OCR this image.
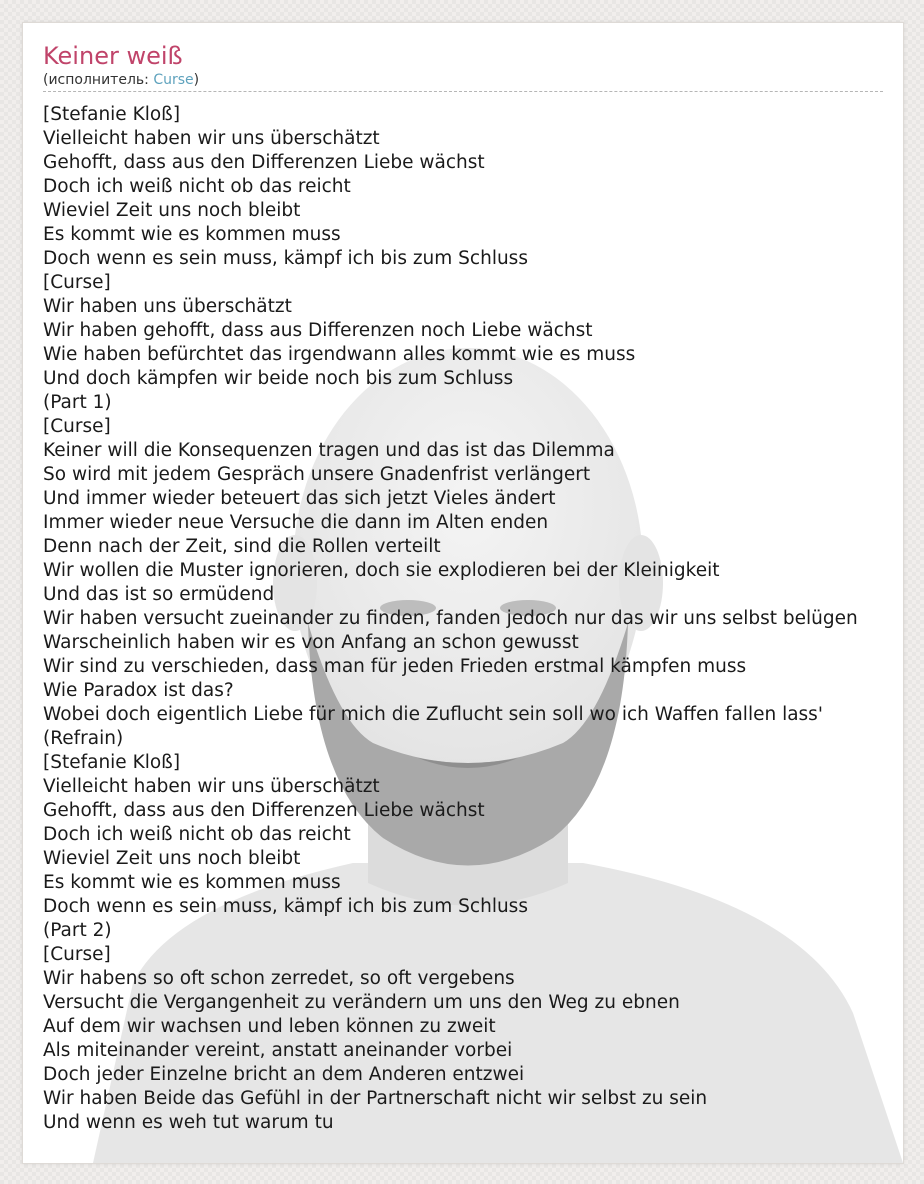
Keiner weiß

(исполнитель: Curse)

[Stefanie Kloß]
Vielleicht haben wir uns überschätzt
Gehofft, dass aus den Differenzen Liebe wächst
Doch ich weiß nicht ob das reicht
Wieviel Zeit uns noch bleibt
Es kommt wie es kommen muss
Doch wenn es sein muss, kämpf ich bis zum Schluss
[Curse]
Wir haben uns überschätzt
Wir haben gehofft, dass aus Differenzen noch Liebe wächst
Wie haben befürchtet das irgendwann alles kommt wie es muss
Und doch kämpfen wir beide noch bis zum Schluss
(Part 1)
[Curse]
Keiner will die Konsequenzen tragen und das ist das Dilemma
So wird mit jedem Gespräch unsere Gnadenfrist verlängert
Und immer wieder beteuert das sich jetzt Vieles ändert
Immer wieder neue Versuche die dann im Alten enden
Denn nach der Zeit, sind die Rollen verteilt
Wir wollen die Muster ignorieren, doch sie explodieren bei der Kleinigkeit
Und das ist so ermüdend
Wir haben versucht zueinander zu finden, fanden jedoch nur das wir uns selbst belügen
Warscheinlich haben wir es von Anfang an schon gewusst
Wir sind zu verschieden, dass man für jeden Frieden erstmal kämpfen muss
Wie Paradox ist das?
Wobei doch eigentlich Liebe für mich die Zuflucht sein soll wo ich Waffen fallen lass'
(Refrain)
[Stefanie Kloß]
Vielleicht haben wir uns überschätzt
Gehofft, dass aus den Differenzen Liebe wächst
Doch ich weiß nicht ob das reicht
Wieviel Zeit uns noch bleibt
Es kommt wie es kommen muss
Doch wenn es sein muss, kämpf ich bis zum Schluss
(Part 2)
[Curse]
Wir habens so oft schon zerredet, so oft vergebens
Versucht die Vergangenheit zu verändern um uns den Weg zu ebnen
Auf dem wir wachsen und leben können zu zweit
Als miteinander vereint, anstatt aneinander vorbei
Doch jeder Einzelne bricht an dem Anderen entzwei
Wir haben Beide das Gefühl in der Partnerschaft nicht wir selbst zu sein
Und wenn es weh tut warum tu
